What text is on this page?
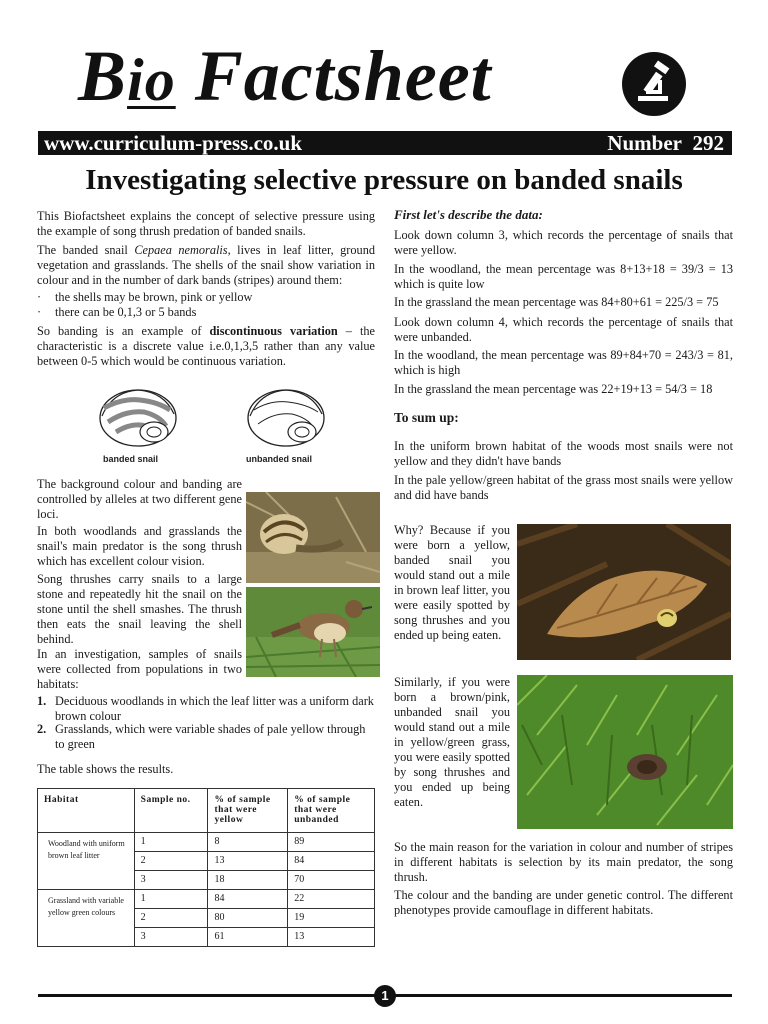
Bio Factsheet
www.curriculum-press.co.uk	Number 292
Investigating selective pressure on banded snails
This Biofactsheet explains the concept of selective pressure using the example of song thrush predation of banded snails.
The banded snail Cepaea nemoralis, lives in leaf litter, ground vegetation and grasslands. The shells of the snail show variation in colour and in the number of dark bands (stripes) around them:
· the shells may be brown, pink or yellow
· there can be 0,1,3 or 5 bands
So banding is an example of discontinuous variation – the characteristic is a discrete value i.e.0,1,3,5 rather than any value between 0-5 which would be continuous variation.
banded snail	unbanded snail
The background colour and banding are controlled by alleles at two different gene loci.
In both woodlands and grasslands the snail's main predator is the song thrush which has excellent colour vision.
Song thrushes carry snails to a large stone and repeatedly hit the snail on the stone until the shell smashes. The thrush then eats the snail leaving the shell behind.
In an investigation, samples of snails were collected from populations in two habitats:
1. Deciduous woodlands in which the leaf litter was a uniform dark brown colour
2. Grasslands, which were variable shades of pale yellow through to green
The table shows the results.
Habitat	Sample no.	% of sample that were yellow	% of sample that were unbanded
Woodland with uniform brown leaf litter	1	8	89
	2	13	84
	3	18	70
Grassland with variable yellow green colours	1	84	22
	2	80	19
	3	61	13
First let's describe the data:
Look down column 3, which records the percentage of snails that were yellow.
In the woodland, the mean percentage was 8+13+18 = 39/3 = 13 which is quite low
In the grassland the mean percentage was 84+80+61 = 225/3 = 75
Look down column 4, which records the percentage of snails that were unbanded.
In the woodland, the mean percentage was 89+84+70 = 243/3 = 81, which is high
In the grassland the mean percentage was 22+19+13 = 54/3 = 18
To sum up:
In the uniform brown habitat of the woods most snails were not yellow and they didn't have bands
In the pale yellow/green habitat of the grass most snails were yellow and did have bands
Why? Because if you were born a yellow, banded snail you would stand out a mile in brown leaf litter, you were easily spotted by song thrushes and you ended up being eaten.
Similarly, if you were born a brown/pink, unbanded snail you would stand out a mile in yellow/green grass, you were easily spotted by song thrushes and you ended up being eaten.
So the main reason for the variation in colour and number of stripes in different habitats is selection by its main predator, the song thrush.
The colour and the banding are under genetic control. The different phenotypes provide camouflage in different habitats.
1
